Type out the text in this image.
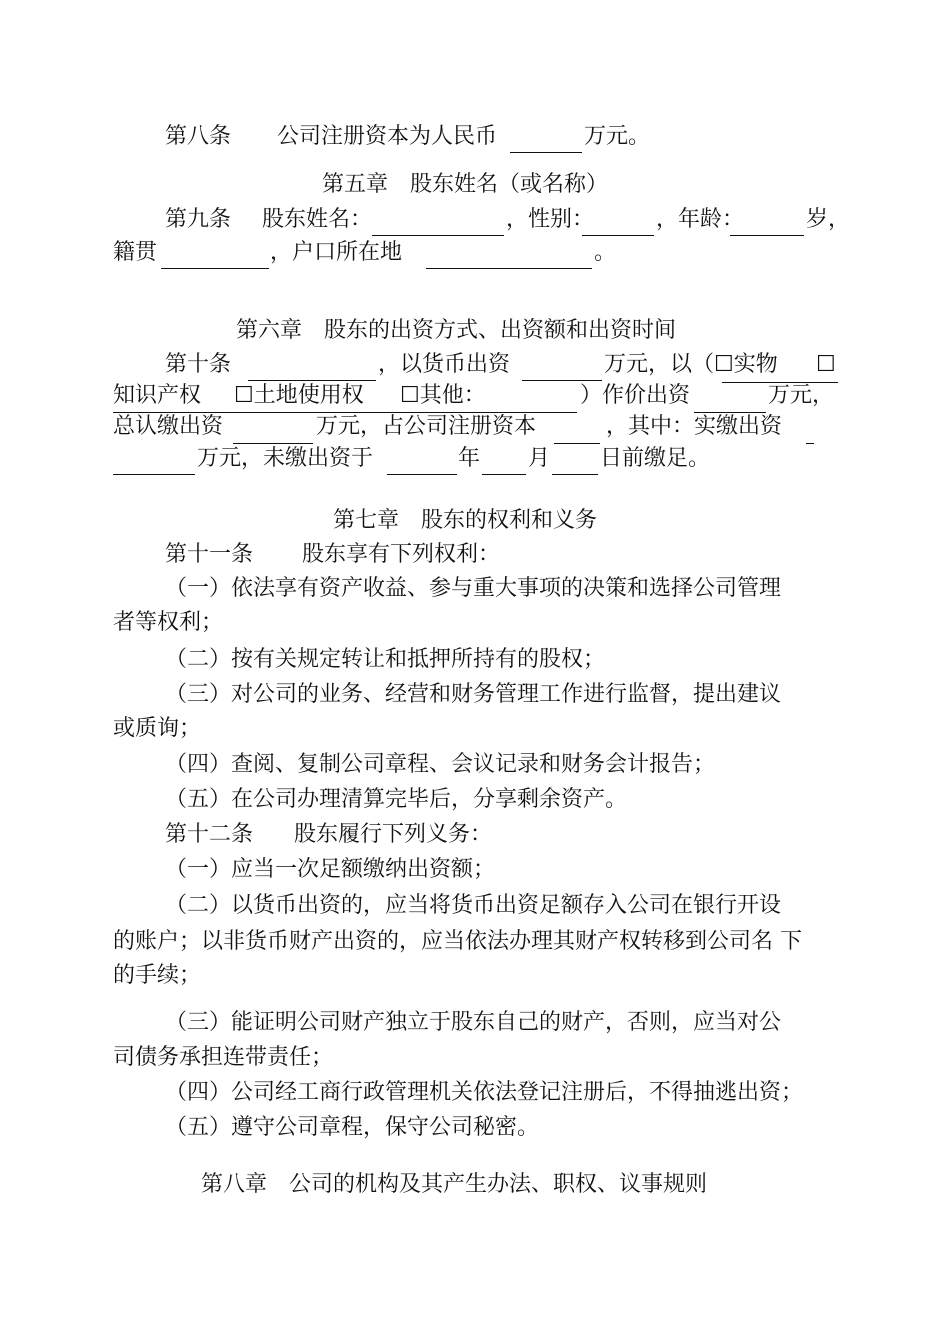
第八条 公司注册资本为人民币	万元。
第五章　股东姓名（或名称）
第九条 股东姓名：	，性别：	，年龄：	岁，
籍贯	，户口所在地	。
第六章　股东的出资方式、出资额和出资时间
第十条	，以货币出资	万元，以（☐实物 ☐
知识产权 ☐土地使用权 ☐其他：	）作价出资	万元，
总认缴出资	万元，占公司注册资本	，其中：实缴出资
万元，未缴出资于	年 月 日前缴足。
第七章　股东的权利和义务
第十一条 股东享有下列权利：
（一）依法享有资产收益、参与重大事项的决策和选择公司管理
者等权利；
（二）按有关规定转让和抵押所持有的股权；
（三）对公司的业务、经营和财务管理工作进行监督，提出建议
或质询；
（四）查阅、复制公司章程、会议记录和财务会计报告；
（五）在公司办理清算完毕后，分享剩余资产。
第十二条 股东履行下列义务：
（一）应当一次足额缴纳出资额；
（二）以货币出资的，应当将货币出资足额存入公司在银行开设
的账户；以非货币财产出资的，应当依法办理其财产权转移到公司名 下
的手续；
（三）能证明公司财产独立于股东自己的财产，否则，应当对公
司债务承担连带责任；
（四）公司经工商行政管理机关依法登记注册后，不得抽逃出资；
（五）遵守公司章程，保守公司秘密。
第八章　公司的机构及其产生办法、职权、议事规则
